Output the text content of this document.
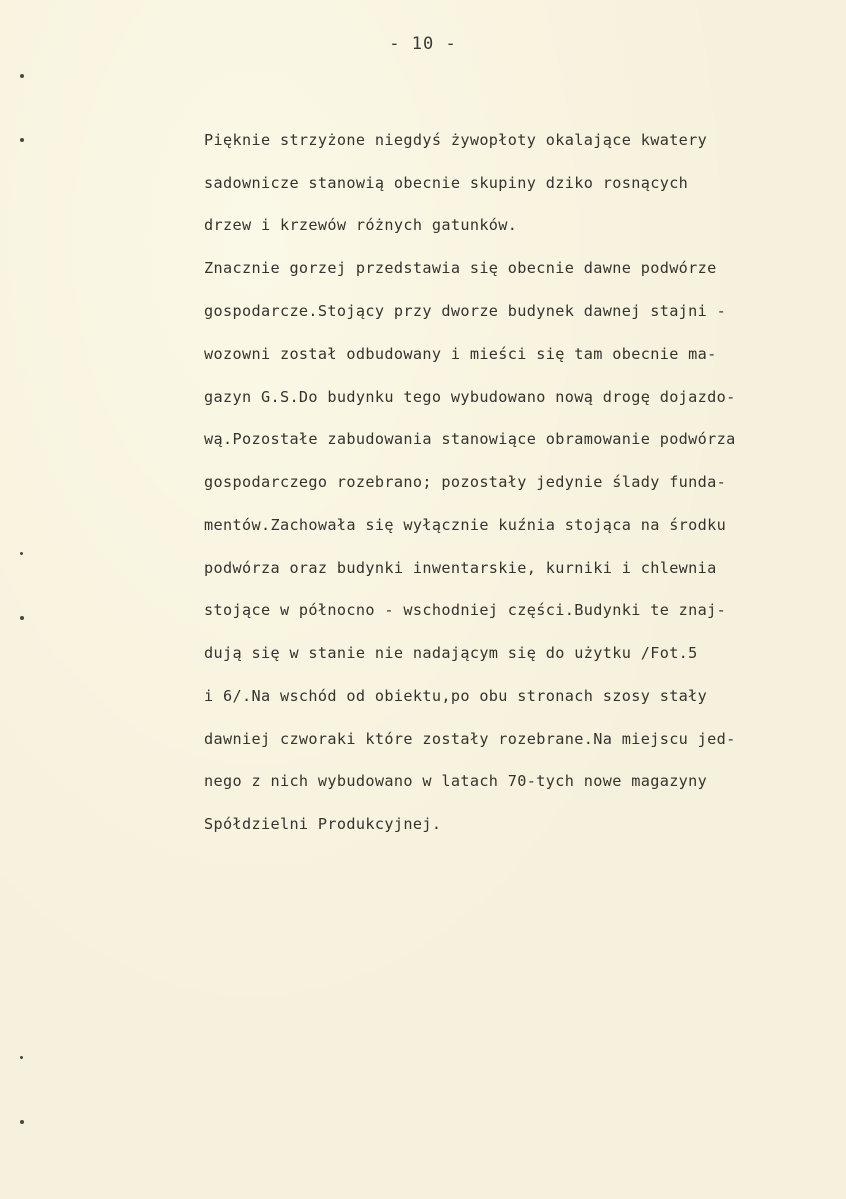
- 10 -
Pięknie strzyżone niegdyś żywopłoty okalające kwatery
sadownicze stanowią obecnie skupiny dziko rosnących
drzew i krzewów różnych gatunków.
Znacznie gorzej przedstawia się obecnie dawne podwórze
gospodarcze.Stojący przy dworze budynek dawnej stajni -
wozowni został odbudowany i mieści się tam obecnie ma-
gazyn G.S.Do budynku tego wybudowano nową drogę dojazdo-
wą.Pozostałe zabudowania stanowiące obramowanie podwórza
gospodarczego rozebrano; pozostały jedynie ślady funda-
mentów.Zachowała się wyłącznie kuźnia stojąca na środku
podwórza oraz budynki inwentarskie, kurniki i chlewnia
stojące w północno - wschodniej części.Budynki te znaj-
dują się w stanie nie nadającym się do użytku /Fot.5
i 6/.Na wschód od obiektu,po obu stronach szosy stały
dawniej czworaki które zostały rozebrane.Na miejscu jed-
nego z nich wybudowano w latach 70-tych nowe magazyny
Spółdzielni Produkcyjnej.
